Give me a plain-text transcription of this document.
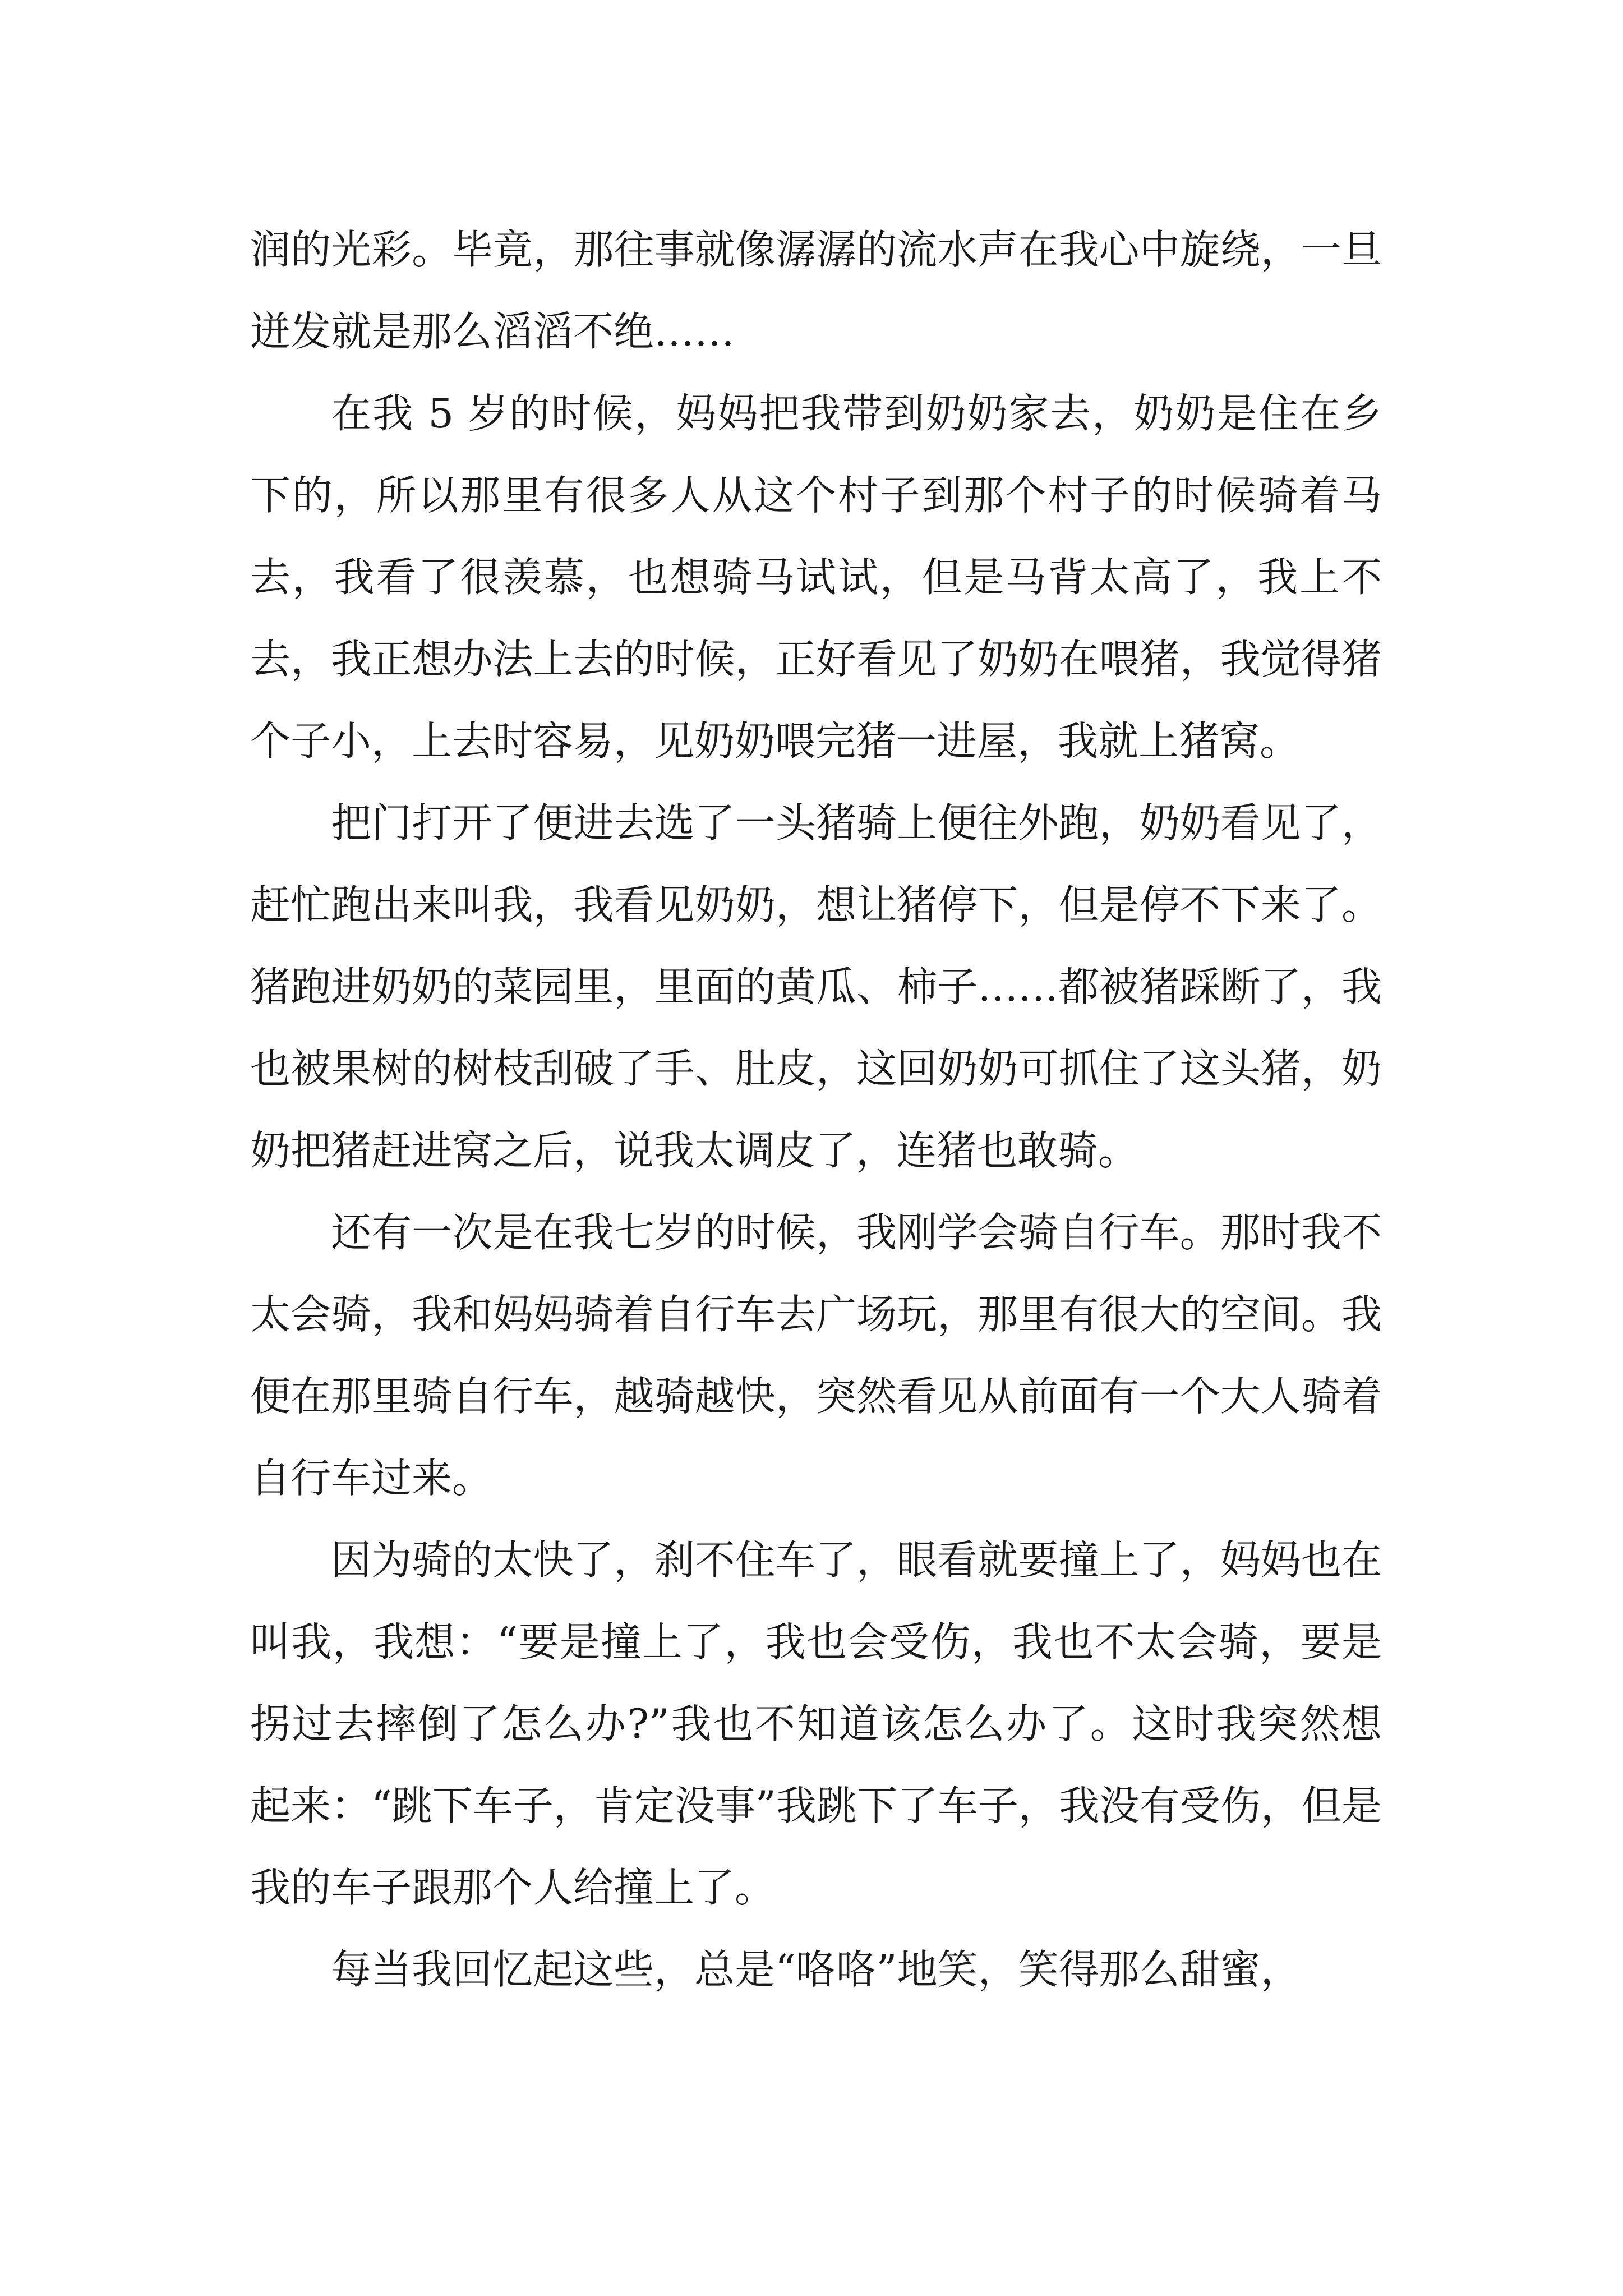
润的光彩。毕竟，那往事就像潺潺的流水声在我心中旋绕，一旦迸发就是那么滔滔不绝……

在我 5 岁的时候，妈妈把我带到奶奶家去，奶奶是住在乡下的，所以那里有很多人从这个村子到那个村子的时候骑着马去，我看了很羡慕，也想骑马试试，但是马背太高了，我上不去，我正想办法上去的时候，正好看见了奶奶在喂猪，我觉得猪个子小，上去时容易，见奶奶喂完猪一进屋，我就上猪窝。

把门打开了便进去选了一头猪骑上便往外跑，奶奶看见了，赶忙跑出来叫我，我看见奶奶，想让猪停下，但是停不下来了。猪跑进奶奶的菜园里，里面的黄瓜、柿子……都被猪踩断了，我也被果树的树枝刮破了手、肚皮，这回奶奶可抓住了这头猪，奶奶把猪赶进窝之后，说我太调皮了，连猪也敢骑。

还有一次是在我七岁的时候，我刚学会骑自行车。那时我不太会骑，我和妈妈骑着自行车去广场玩，那里有很大的空间。我便在那里骑自行车，越骑越快，突然看见从前面有一个大人骑着自行车过来。

因为骑的太快了，刹不住车了，眼看就要撞上了，妈妈也在叫我，我想：“要是撞上了，我也会受伤，我也不太会骑，要是拐过去摔倒了怎么办?”我也不知道该怎么办了。这时我突然想起来：“跳下车子，肯定没事”我跳下了车子，我没有受伤，但是我的车子跟那个人给撞上了。

每当我回忆起这些，总是“咯咯”地笑，笑得那么甜蜜，
